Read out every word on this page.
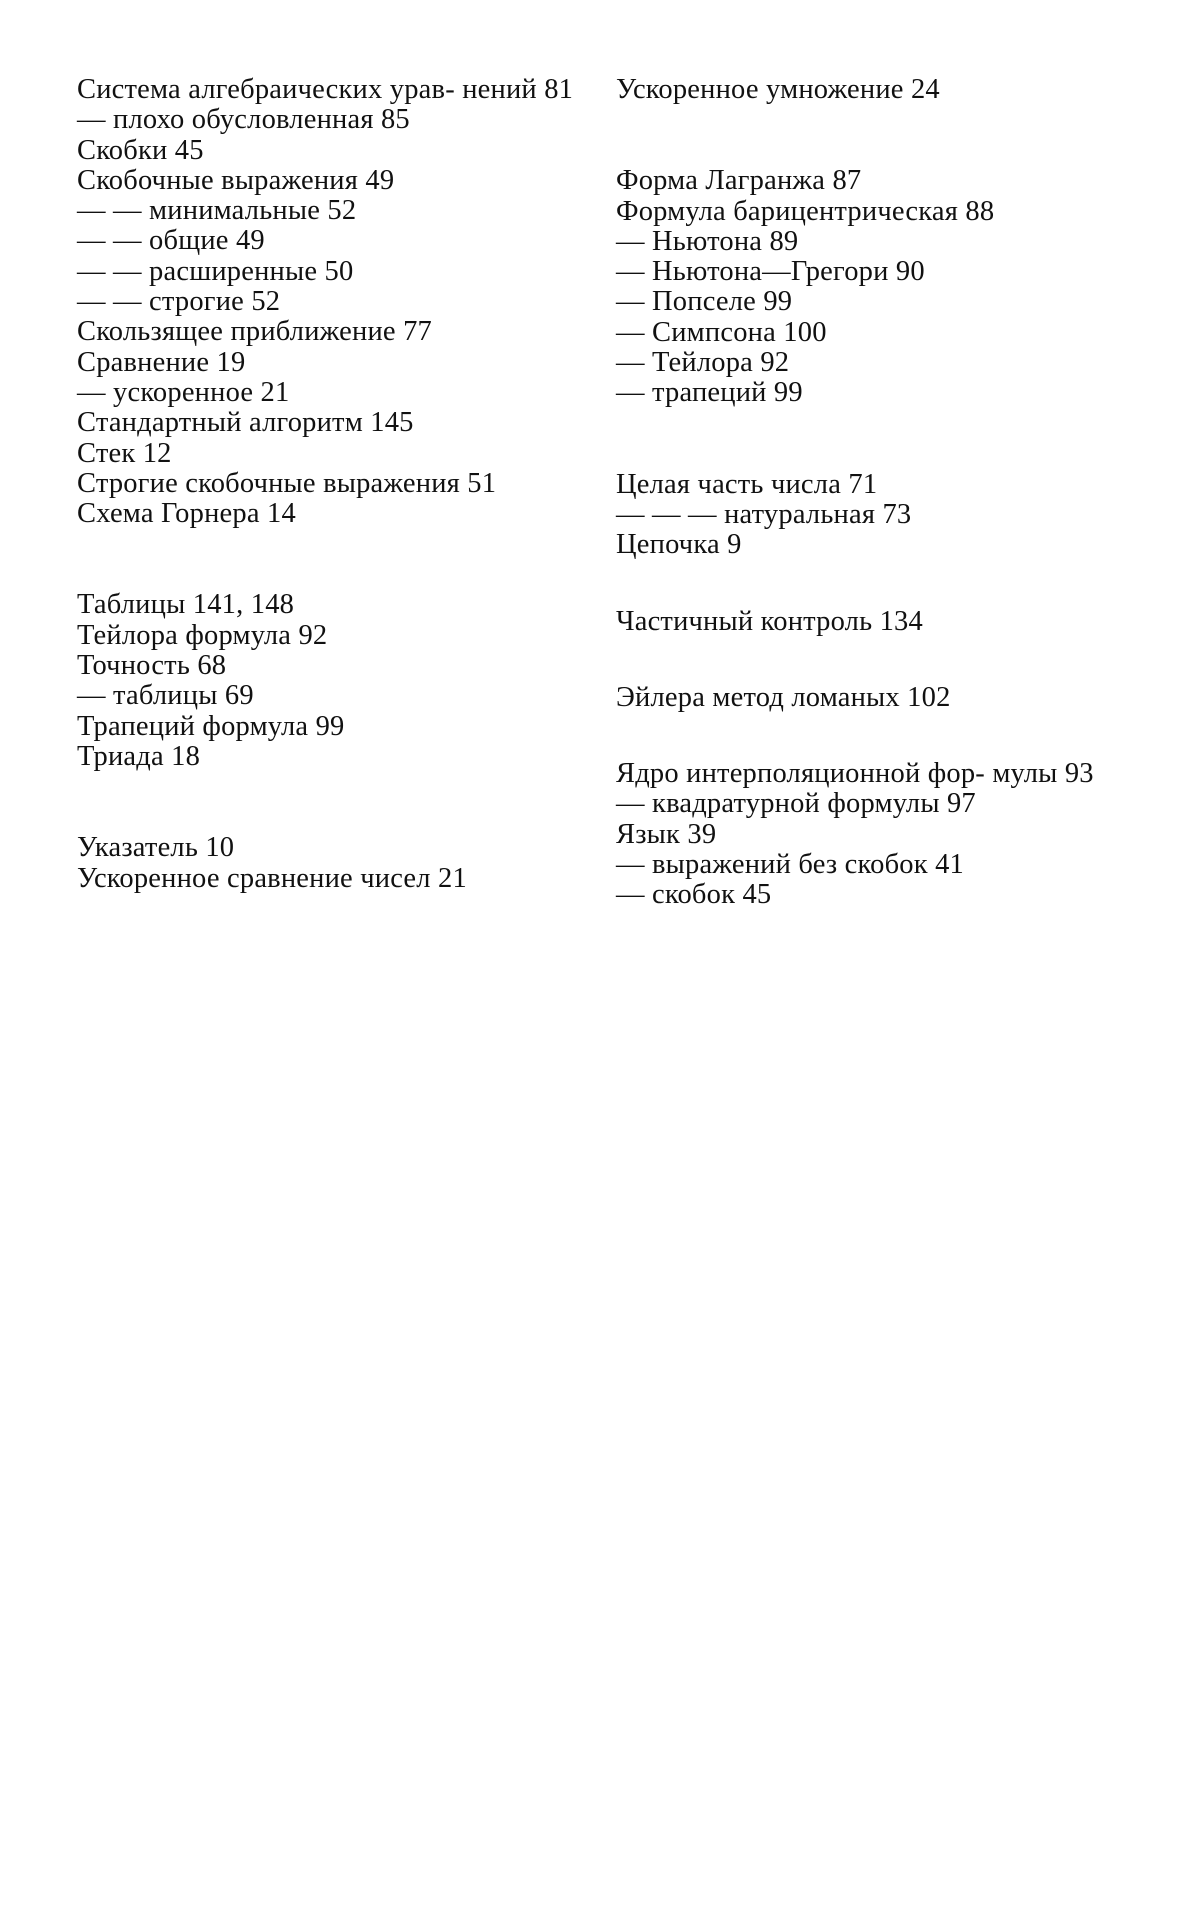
Система алгебраических урав- нений 81

— плохо обусловленная 85

Скобки 45

Скобочные выражения 49

— — минимальные 52

— — общие 49

— — расширенные 50

— — строгие 52

Скользящее приближение 77

Сравнение 19

— ускоренное 21

Стандартный алгоритм 145

Стек 12

Строгие скобочные выражения 51

Схема Горнера 14

Таблицы 141, 148

Тейлора формула 92

Точность 68

— таблицы 69

Трапеций формула 99

Триада 18

Указатель 10

Ускоренное сравнение чисел 21

Ускоренное умножение 24

Форма Лагранжа 87

Формула барицентрическая 88

— Ньютона 89

— Ньютона—Грегори 90

— Попселе 99

— Симпсона 100

— Тейлора 92

— трапеций 99

Целая часть числа 71

— — — натуральная 73

Цепочка 9

Частичный контроль 134

Эйлера метод ломаных 102

Ядро интерполяционной фор- мулы 93

— квадратурной формулы 97

Язык 39

— выражений без скобок 41

— скобок 45
